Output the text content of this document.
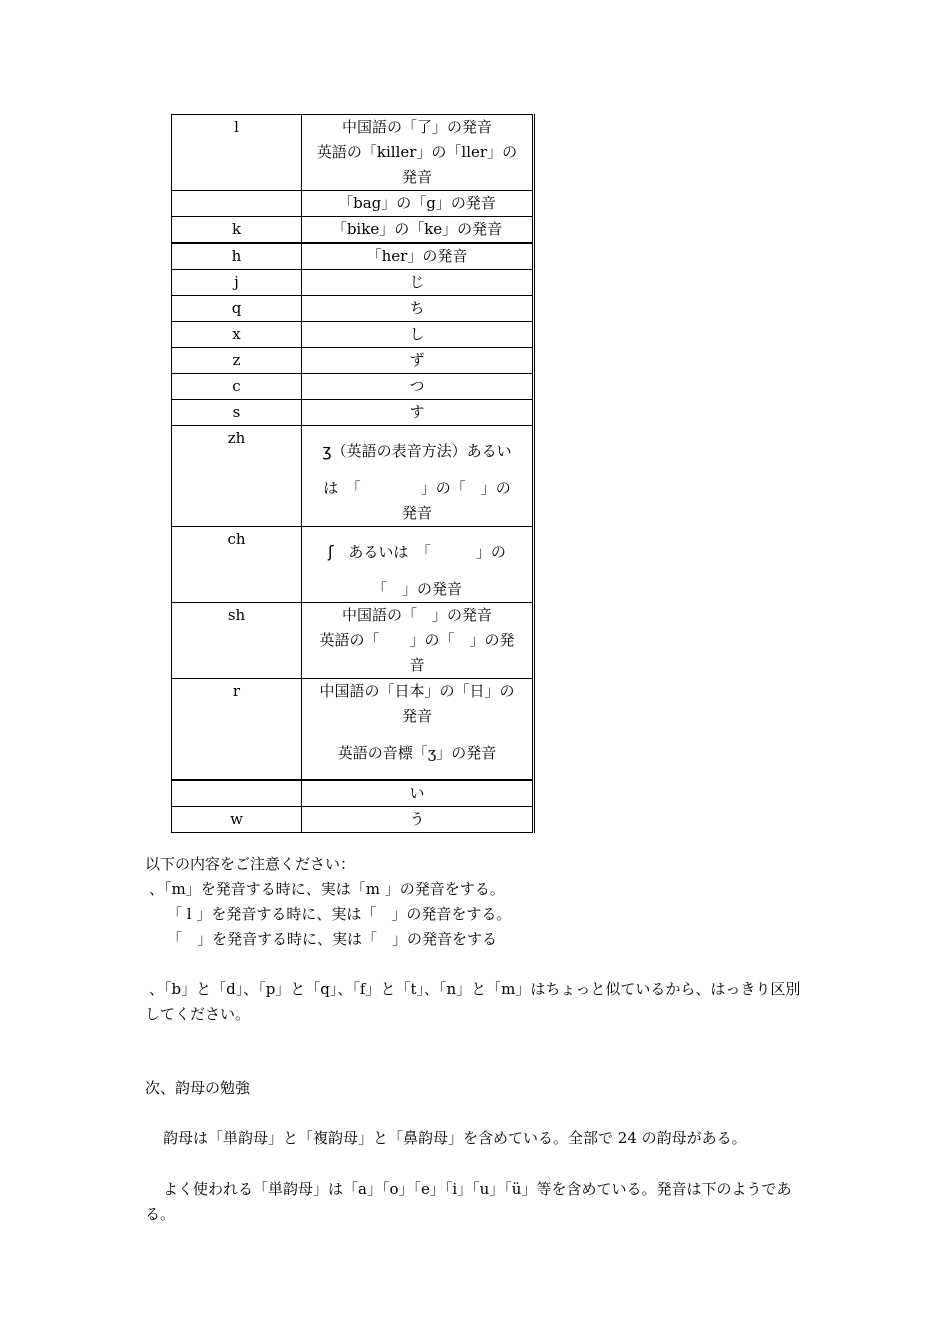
l	中国語の「了」の発音
英語の「killer」の「ller」の
発音
	「bag」の「g」の発音
k	「bike」の「ke」の発音
h	「her」の発音
j	じ
q	ち
x	し
z	ず
c	つ
s	す
zh	ʒ（英語の表音方法）あるい
は　「　　　　」の「　」の
発音
ch	ʃ　あるいは　「　　　」の
「　」の発音
sh	中国語の「　」の発音
英語の「　　」の「　」の発
音
r	中国語の「日本」の「日」の
発音
英語の音標「ʒ」の発音
	い
w	う

以下の内容をご注意ください：

、「m」を発音する時に、実は「m 」の発音をする。

「 l 」を発音する時に、実は「　」の発音をする。

「　」を発音する時に、実は「　」の発音をする

、「b」と「d」、「p」と「q」、「f」と「t」、「n」と「m」はちょっと似ているから、はっきり区別してください。

次、韵母の勉強

韵母は「単韵母」と「複韵母」と「鼻韵母」を含めている。全部で 24 の韵母がある。

よく使われる「単韵母」は「a」「o」「e」「i」「u」「ü」等を含めている。発音は下のようである。
